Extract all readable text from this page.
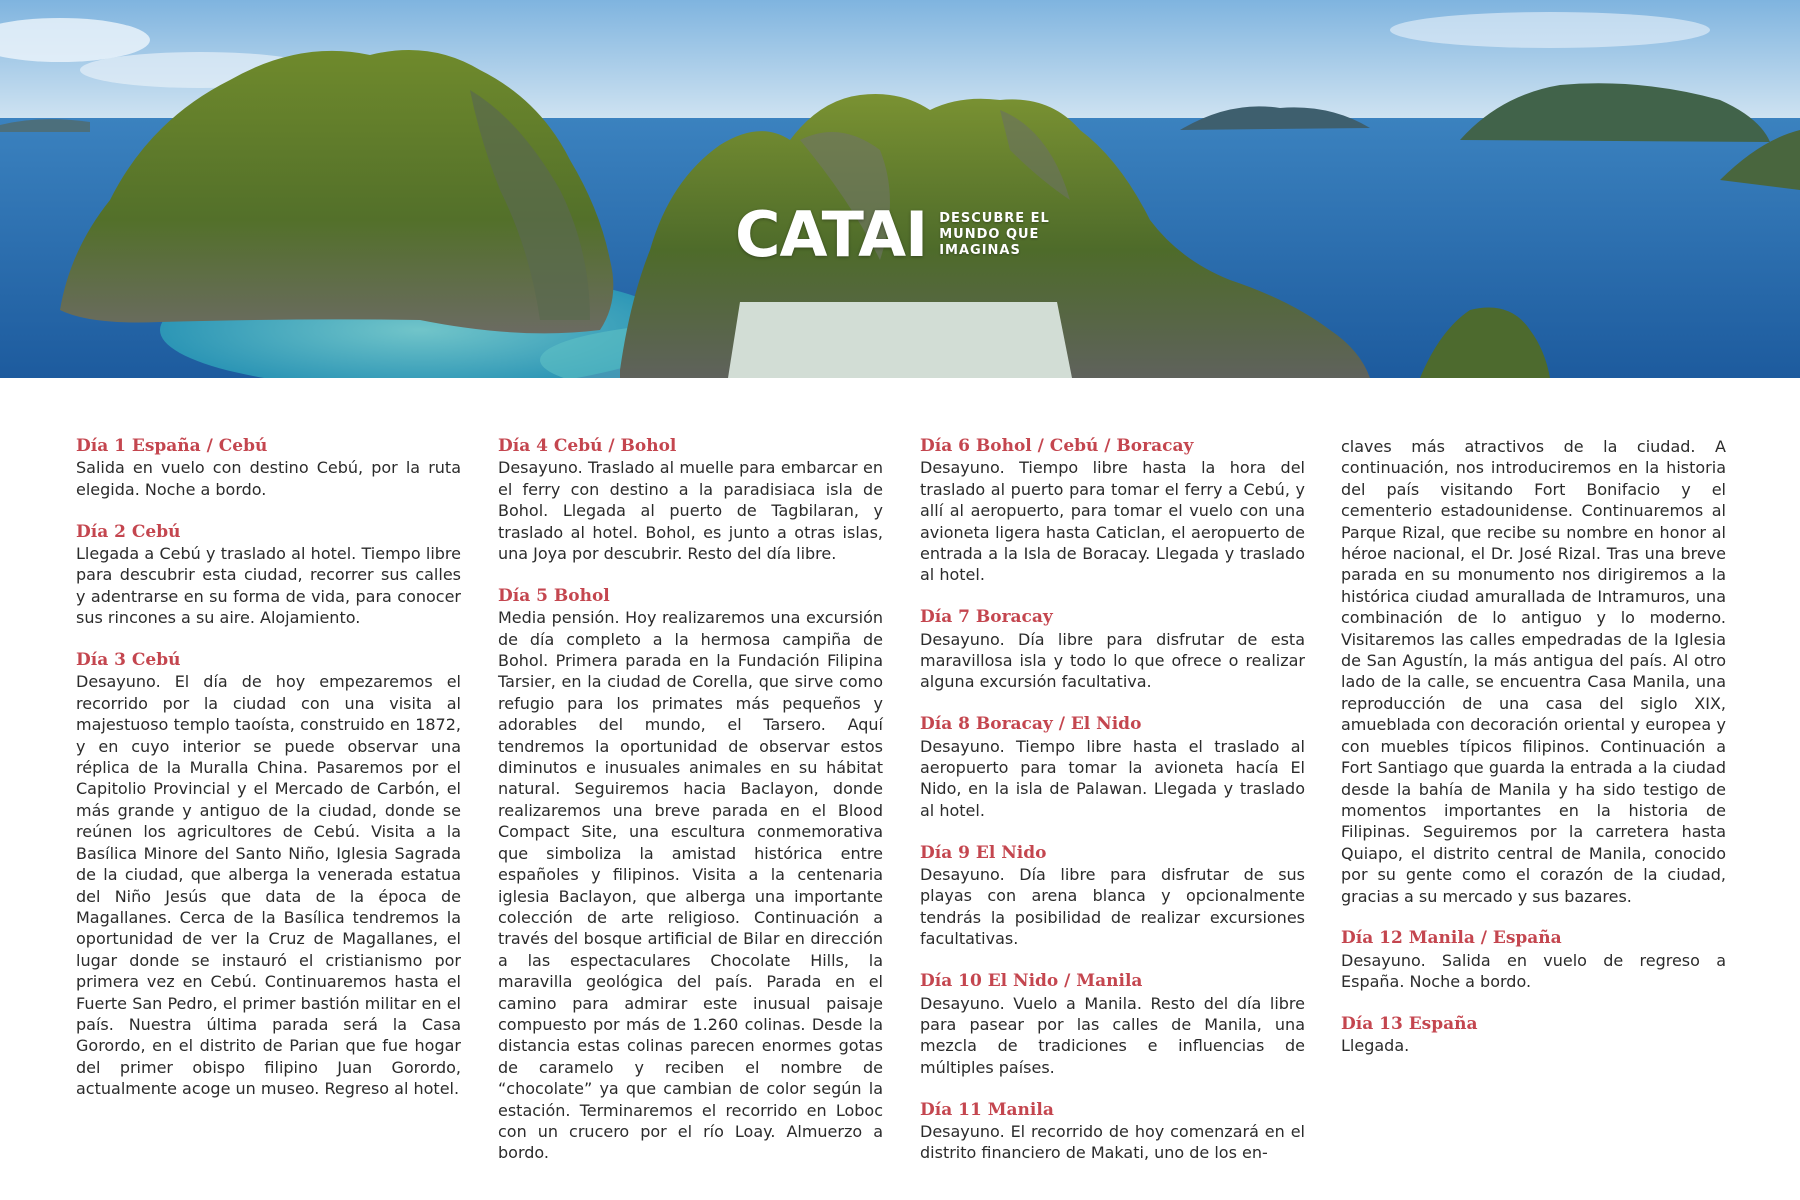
CATAI DESCUBRE EL
MUNDO QUE
IMAGINAS
Día 1 España / Cebú

Salida en vuelo con destino Cebú, por la ruta elegida. Noche a bordo.

Día 2 Cebú

Llegada a Cebú y traslado al hotel. Tiempo libre para descubrir esta ciudad, recorrer sus calles y adentrarse en su forma de vida, para conocer sus rincones a su aire. Alojamiento.

Día 3 Cebú

Desayuno. El día de hoy empezaremos el recorrido por la ciudad con una visita al majestuoso templo taoísta, construido en 1872, y en cuyo interior se puede observar una réplica de la Muralla China. Pasaremos por el Capitolio Provincial y el Mercado de Carbón, el más grande y antiguo de la ciudad, donde se reúnen los agricultores de Cebú. Visita a la Basílica Minore del Santo Niño, Iglesia Sagrada de la ciudad, que alberga la venerada estatua del Niño Jesús que data de la época de Magallanes. Cerca de la Basílica tendremos la oportunidad de ver la Cruz de Magallanes, el lugar donde se instauró el cristianismo por primera vez en Cebú. Continuaremos hasta el Fuerte San Pedro, el primer bastión militar en el país. Nuestra última parada será la Casa Gorordo, en el distrito de Parian que fue hogar del primer obispo filipino Juan Gorordo, actualmente acoge un museo. Regreso al hotel.

Día 4 Cebú / Bohol

Desayuno. Traslado al muelle para embarcar en el ferry con destino a la paradisiaca isla de Bohol. Llegada al puerto de Tagbilaran, y traslado al hotel. Bohol, es junto a otras islas, una Joya por descubrir. Resto del día libre.

Día 5 Bohol

Media pensión. Hoy realizaremos una excursión de día completo a la hermosa campiña de Bohol. Primera parada en la Fundación Filipina Tarsier, en la ciudad de Corella, que sirve como refugio para los primates más pequeños y adorables del mundo, el Tarsero. Aquí tendremos la oportunidad de observar estos diminutos e inusuales animales en su hábitat natural. Seguiremos hacia Baclayon, donde realizaremos una breve parada en el Blood Compact Site, una escultura conmemorativa que simboliza la amistad histórica entre españoles y filipinos. Visita a la centenaria iglesia Baclayon, que alberga una importante colección de arte religioso. Continuación a través del bosque artificial de Bilar en dirección a las espectaculares Chocolate Hills, la maravilla geológica del país. Parada en el camino para admirar este inusual paisaje compuesto por más de 1.260 colinas. Desde la distancia estas colinas parecen enormes gotas de caramelo y reciben el nombre de “chocolate” ya que cambian de color según la estación. Terminaremos el recorrido en Loboc con un crucero por el río Loay. Almuerzo a bordo.

Día 6 Bohol / Cebú / Boracay

Desayuno. Tiempo libre hasta la hora del traslado al puerto para tomar el ferry a Cebú, y allí al aeropuerto, para tomar el vuelo con una avioneta ligera hasta Caticlan, el aeropuerto de entrada a la Isla de Boracay. Llegada y traslado al hotel.

Día 7 Boracay

Desayuno. Día libre para disfrutar de esta maravillosa isla y todo lo que ofrece o realizar alguna excursión facultativa.

Día 8 Boracay / El Nido

Desayuno. Tiempo libre hasta el traslado al aeropuerto para tomar la avioneta hacía El Nido, en la isla de Palawan. Llegada y traslado al hotel.

Día 9 El Nido

Desayuno. Día libre para disfrutar de sus playas con arena blanca y opcionalmente tendrás la posibilidad de realizar excursiones facultativas.

Día 10 El Nido / Manila

Desayuno. Vuelo a Manila. Resto del día libre para pasear por las calles de Manila, una mezcla de tradiciones e influencias de múltiples países.

Día 11 Manila

Desayuno. El recorrido de hoy comenzará en el distrito financiero de Makati, uno de los en-

claves más atractivos de la ciudad. A continuación, nos introduciremos en la historia del país visitando Fort Bonifacio y el cementerio estadounidense. Continuaremos al Parque Rizal, que recibe su nombre en honor al héroe nacional, el Dr. José Rizal. Tras una breve parada en su monumento nos dirigiremos a la histórica ciudad amurallada de Intramuros, una combinación de lo antiguo y lo moderno. Visitaremos las calles empedradas de la Iglesia de San Agustín, la más antigua del país. Al otro lado de la calle, se encuentra Casa Manila, una reproducción de una casa del siglo XIX, amueblada con decoración oriental y europea y con muebles típicos filipinos. Continuación a Fort Santiago que guarda la entrada a la ciudad desde la bahía de Manila y ha sido testigo de momentos importantes en la historia de Filipinas. Seguiremos por la carretera hasta Quiapo, el distrito central de Manila, conocido por su gente como el corazón de la ciudad, gracias a su mercado y sus bazares.

Día 12 Manila / España

Desayuno. Salida en vuelo de regreso a España. Noche a bordo.

Día 13 España

Llegada.
